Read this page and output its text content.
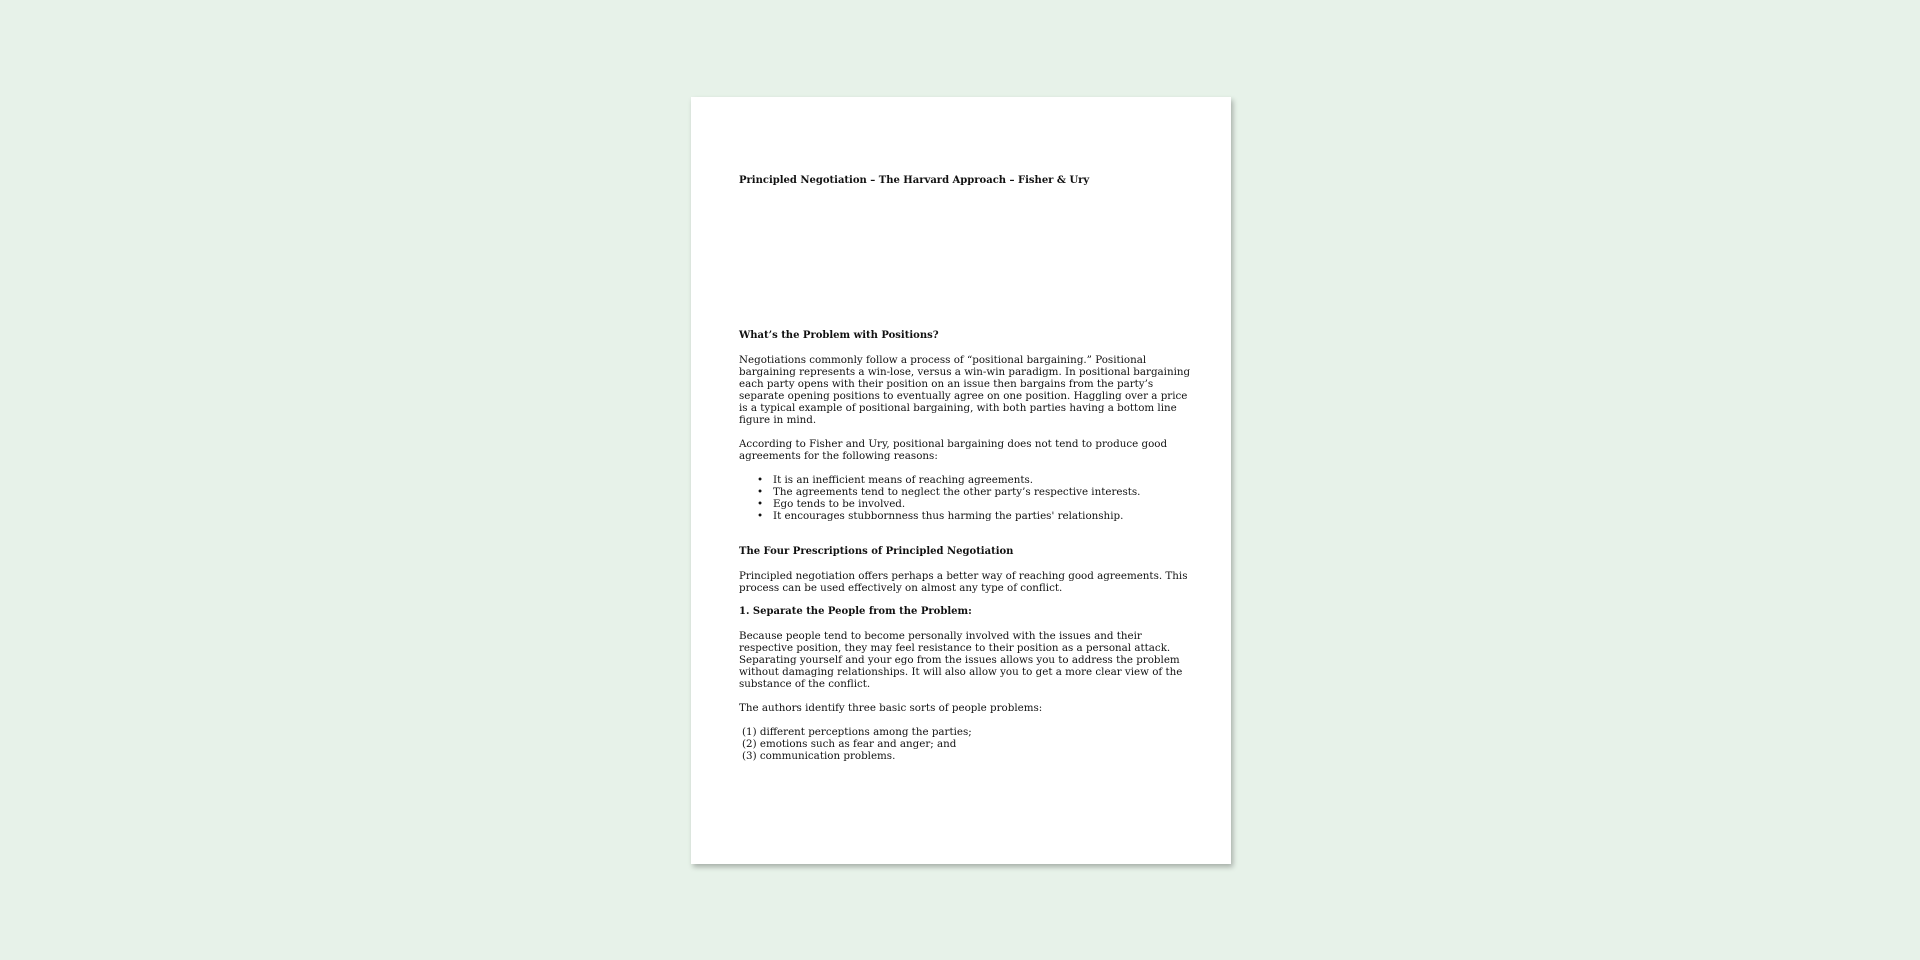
Principled Negotiation – The Harvard Approach – Fisher & Ury

What’s the Problem with Positions?

Negotiations commonly follow a process of “positional bargaining.” Positional bargaining represents a win-lose, versus a win-win paradigm. In positional bargaining each party opens with their position on an issue then bargains from the party’s separate opening positions to eventually agree on one position. Haggling over a price is a typical example of positional bargaining, with both parties having a bottom line figure in mind.

According to Fisher and Ury, positional bargaining does not tend to produce good agreements for the following reasons:

• It is an inefficient means of reaching agreements.
• The agreements tend to neglect the other party’s respective interests.
• Ego tends to be involved.
• It encourages stubbornness thus harming the parties' relationship.

The Four Prescriptions of Principled Negotiation

Principled negotiation offers perhaps a better way of reaching good agreements. This process can be used effectively on almost any type of conflict.

1. Separate the People from the Problem:

Because people tend to become personally involved with the issues and their respective position, they may feel resistance to their position as a personal attack. Separating yourself and your ego from the issues allows you to address the problem without damaging relationships. It will also allow you to get a more clear view of the substance of the conflict.

The authors identify three basic sorts of people problems:

(1) different perceptions among the parties;
(2) emotions such as fear and anger; and
(3) communication problems.
